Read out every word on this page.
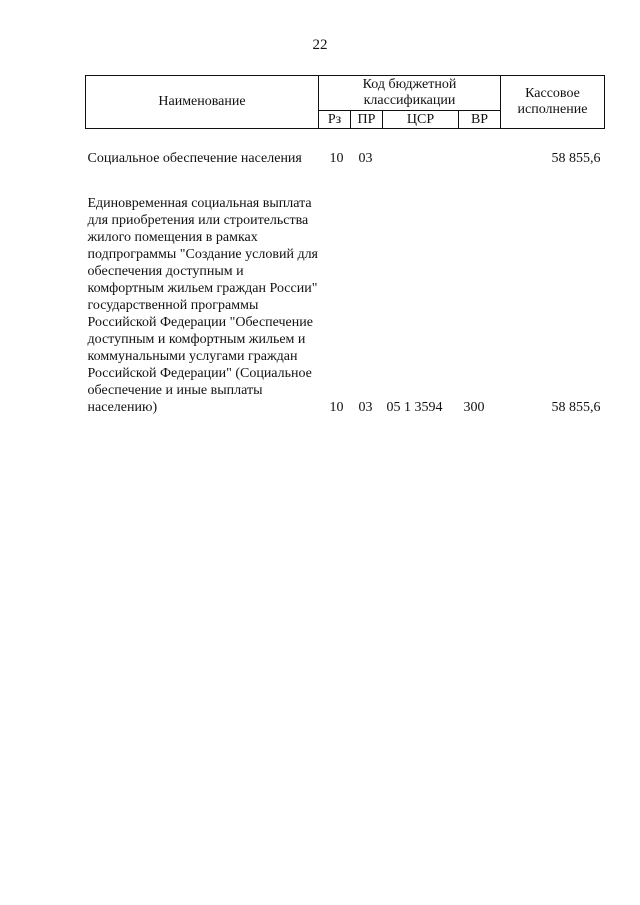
22
Наименование	Код бюджетной классификации				Кассовое исполнение
	Рз	ПР	ЦСР	ВР	

Социальное обеспечение населения	10	03			58 855,6

Единовременная социальная выплата для приобретения или строительства жилого помещения в рамках подпрограммы "Создание условий для обеспечения доступным и комфортным жильем граждан России" государственной программы Российской Федерации "Обеспечение доступным и комфортным жильем и коммунальными услугами граждан Российской Федерации" (Социальное обеспечение и иные выплаты населению)	10	03	05 1 3594	300	58 855,6
